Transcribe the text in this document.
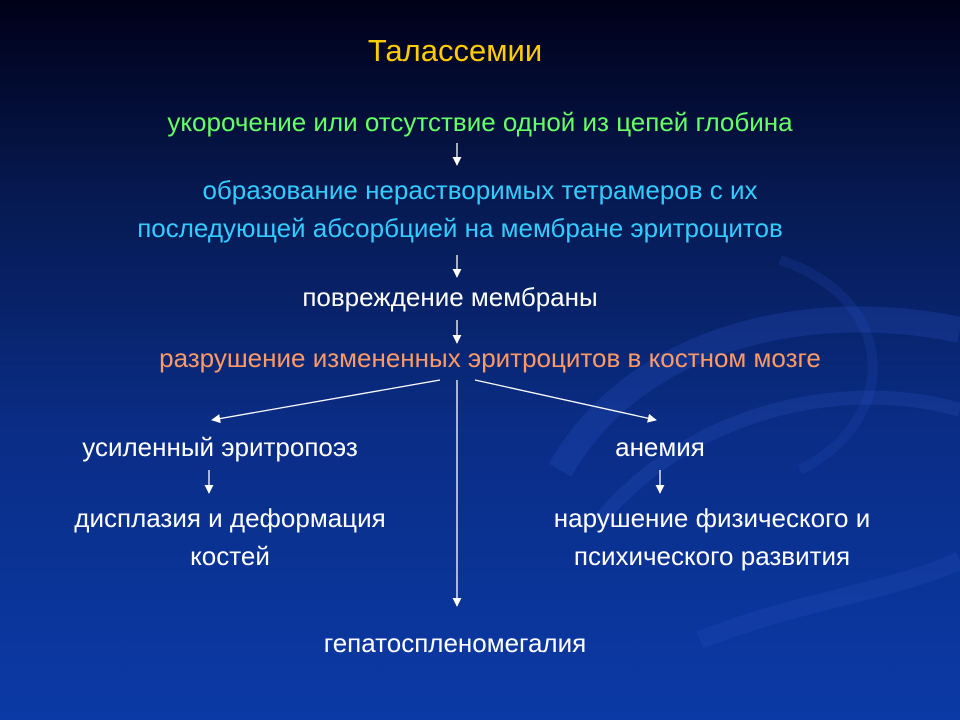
Талассемии
укорочение или отсутствие одной из цепей глобина
образование нерастворимых тетрамеров с их
последующей абсорбцией на мембране эритроцитов
повреждение мембраны
разрушение измененных эритроцитов в костном мозге
усиленный эритропоэз	анемия
дисплазия и деформация
костей
нарушение физического и
психического развития
гепатоспленомегалия
